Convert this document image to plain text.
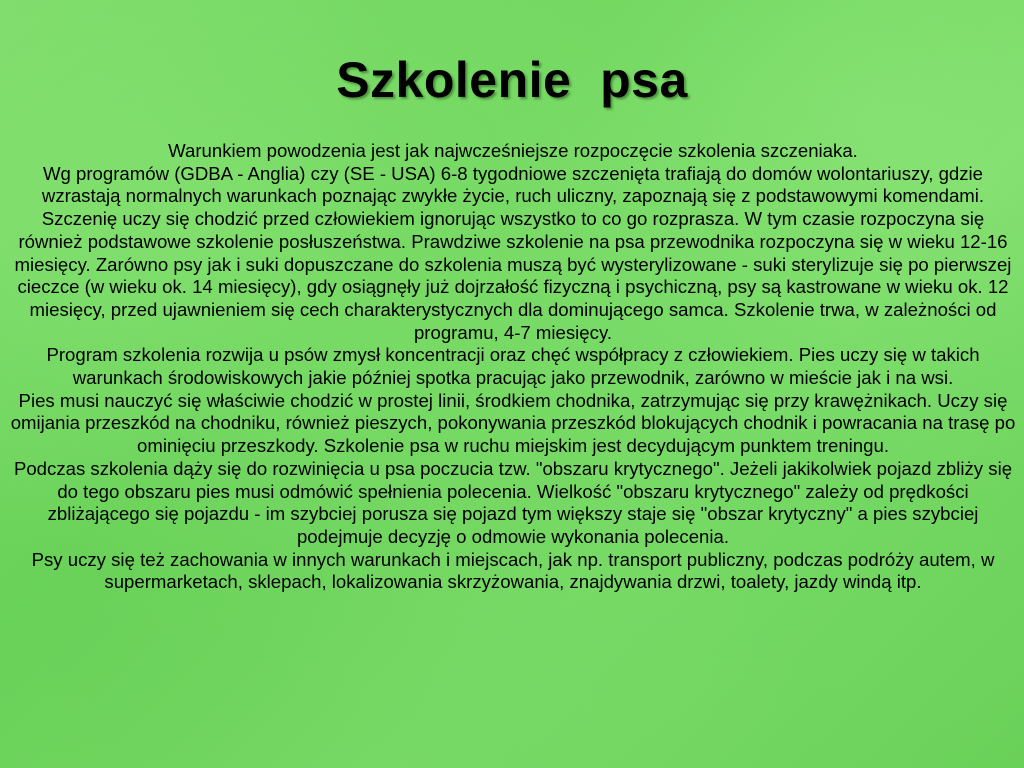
Szkolenie  psa

Warunkiem powodzenia jest jak najwcześniejsze rozpoczęcie szkolenia szczeniaka.

Wg programów (GDBA - Anglia) czy (SE - USA) 6-8 tygodniowe szczenięta trafiają do domów wolontariuszy, gdzie wzrastają normalnych warunkach poznając zwykłe życie, ruch uliczny, zapoznają się z podstawowymi komendami.

Szczenię uczy się chodzić przed człowiekiem ignorując wszystko to co go rozprasza. W tym czasie rozpoczyna się również podstawowe szkolenie posłuszeństwa. Prawdziwe szkolenie na psa przewodnika rozpoczyna się w wieku 12-16 miesięcy. Zarówno psy jak i suki dopuszczane do szkolenia muszą być wysterylizowane - suki sterylizuje się po pierwszej cieczce (w wieku ok. 14 miesięcy), gdy osiągnęły już dojrzałość fizyczną i psychiczną, psy są kastrowane w wieku ok. 12 miesięcy, przed ujawnieniem się cech charakterystycznych dla dominującego samca. Szkolenie trwa, w zależności od programu, 4-7 miesięcy.

Program szkolenia rozwija u psów zmysł koncentracji oraz chęć współpracy z człowiekiem. Pies uczy się w takich warunkach środowiskowych jakie później spotka pracując jako przewodnik, zarówno w mieście jak i na wsi.

Pies musi nauczyć się właściwie chodzić w prostej linii, środkiem chodnika, zatrzymując się przy krawężnikach. Uczy się omijania przeszkód na chodniku, również pieszych, pokonywania przeszkód blokujących chodnik i powracania na trasę po ominięciu przeszkody. Szkolenie psa w ruchu miejskim jest decydującym punktem treningu.

Podczas szkolenia dąży się do rozwinięcia u psa poczucia tzw. "obszaru krytycznego". Jeżeli jakikolwiek pojazd zbliży się do tego obszaru pies musi odmówić spełnienia polecenia. Wielkość "obszaru krytycznego" zależy od prędkości zbliżającego się pojazdu - im szybciej porusza się pojazd tym większy staje się "obszar krytyczny" a pies szybciej podejmuje decyzję o odmowie wykonania polecenia.

Psy uczy się też zachowania w innych warunkach i miejscach, jak np. transport publiczny, podczas podróży autem, w supermarketach, sklepach, lokalizowania skrzyżowania, znajdywania drzwi, toalety, jazdy windą itp.
